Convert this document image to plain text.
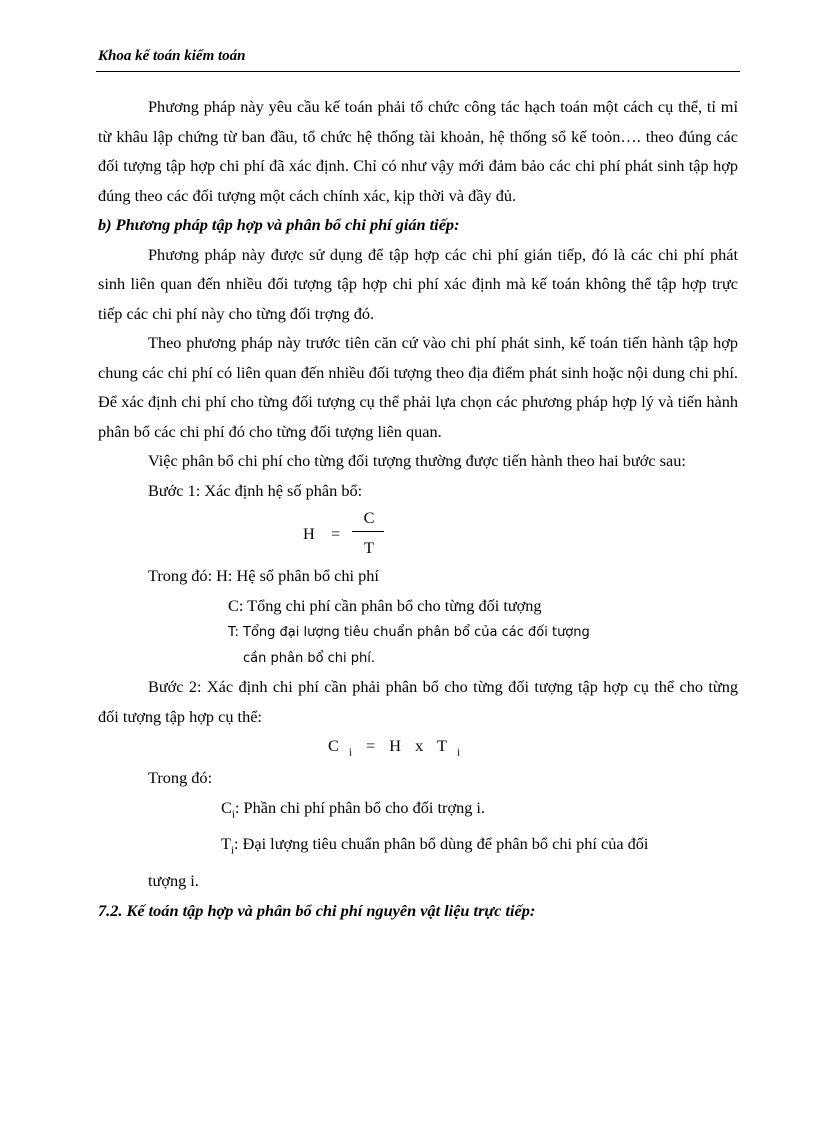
Khoa kế toán kiểm toán

Phương pháp này yêu cầu kế toán phải tổ chức công tác hạch toán một cách cụ thể, tỉ mỉ từ khâu lập chứng từ ban đầu, tổ chức hệ thống tài khoản, hệ thống sổ kế toỏn…. theo đúng các đối tượng tập hợp chi phí đã xác định. Chỉ có như vậy mới đảm bảo các chi phí phát sinh tập hợp đúng theo các đối tượng một cách chính xác, kịp thời và đầy đủ.

b) Phương pháp tập hợp và phân bổ chi phí gián tiếp:

Phương pháp này được sử dụng để tập hợp các chi phí gián tiếp, đó là các chi phí phát sinh liên quan đến nhiều đối tượng tập hợp chi phí xác định mà kế toán không thể tập hợp trực tiếp các chi phí này cho từng đối trợng đó.

Theo phương pháp này trước tiên căn cứ vào chi phí phát sinh, kế toán tiến hành tập hợp chung các chi phí có liên quan đến nhiều đối tượng theo địa điểm phát sinh hoặc nội dung chi phí. Để xác định chi phí cho từng đối tượng cụ thể phải lựa chọn các phương pháp hợp lý và tiến hành phân bổ các chi phí đó cho từng đối tượng liên quan.

Việc phân bổ chi phí cho từng đối tượng thường được tiến hành theo hai bước sau:

Bước 1: Xác định hệ số phân bổ:

H =
C
T

Trong đó: H: Hệ số phân bổ chi phí

C: Tổng chi phí cần phân bổ cho từng đối tượng

T: Tổng đại lượng tiêu chuẩn phân bổ của các đối tượng

cần phân bổ chi phí.

Bước 2: Xác định chi phí cần phải phân bổ cho từng đối tượng tập hợp cụ thể cho từng đối tượng tập hợp cụ thể:

C $_i$ = H x T $_i$

Trong đó:

$C_i$: Phần chi phí phân bổ cho đối trợng i.

$T_i$: Đại lượng tiêu chuẩn phân bổ dùng để phân bổ chi phí của đối

tượng i.

7.2. Kế toán tập hợp và phân bổ chi phí nguyên vật liệu trực tiếp:
